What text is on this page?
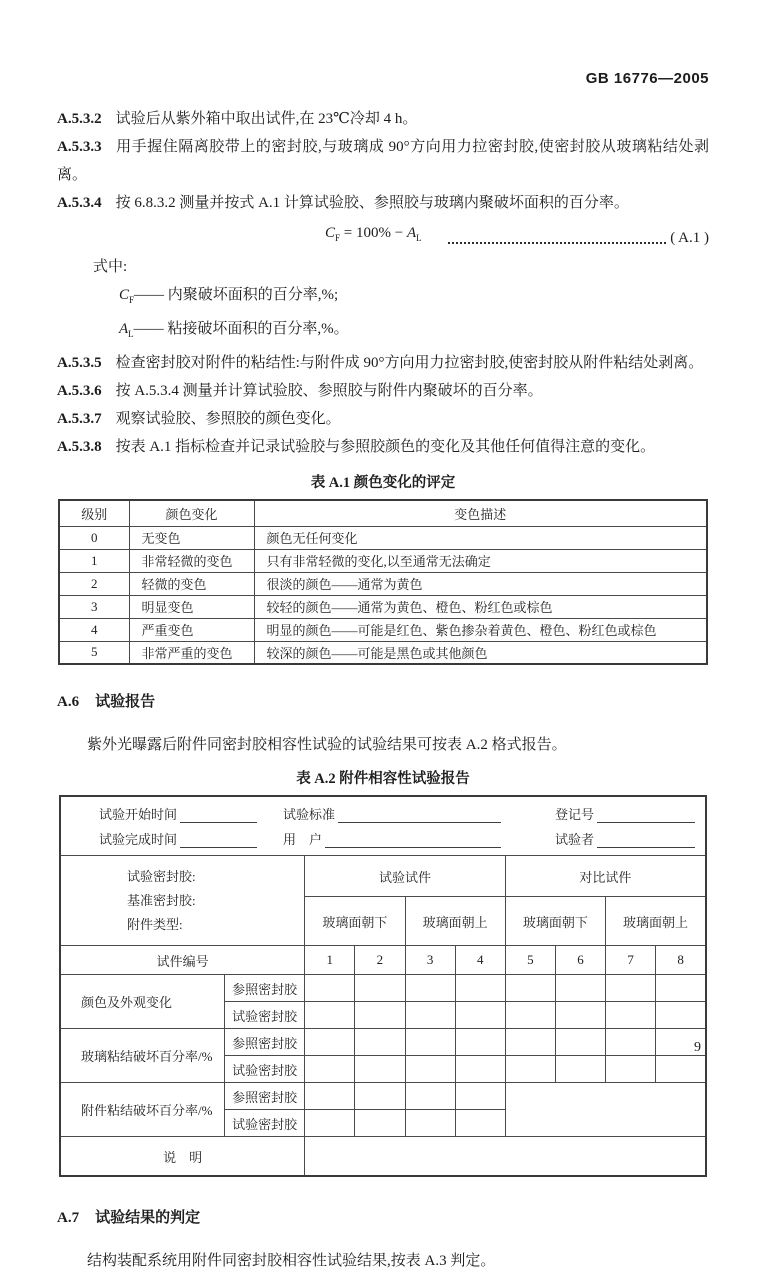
GB 16776—2005

A.5.3.2 试验后从紫外箱中取出试件,在 23℃冷却 4 h。

A.5.3.3 用手握住隔离胶带上的密封胶,与玻璃成 90°方向用力拉密封胶,使密封胶从玻璃粘结处剥离。

A.5.3.4 按 6.8.3.2 测量并按式 A.1 计算试验胶、参照胶与玻璃内聚破坏面积的百分率。

$C_F = 100\% - A_L$	( A.1 )

式中:

$C_F——$ 内聚破坏面积的百分率,%;

$A_L——$ 粘接破坏面积的百分率,%。

A.5.3.5 检查密封胶对附件的粘结性:与附件成 90°方向用力拉密封胶,使密封胶从附件粘结处剥离。

A.5.3.6 按 A.5.3.4 测量并计算试验胶、参照胶与附件内聚破坏的百分率。

A.5.3.7 观察试验胶、参照胶的颜色变化。

A.5.3.8 按表 A.1 指标检查并记录试验胶与参照胶颜色的变化及其他任何值得注意的变化。

表 A.1 颜色变化的评定
级别	颜色变化	变色描述
0	无变色	颜色无任何变化
1	非常轻微的变色	只有非常轻微的变化,以至通常无法确定
2	轻微的变色	很淡的颜色——通常为黄色
3	明显变色	较轻的颜色——通常为黄色、橙色、粉红色或棕色
4	严重变色	明显的颜色——可能是红色、紫色掺杂着黄色、橙色、粉红色或棕色
5	非常严重的变色	较深的颜色——可能是黑色或其他颜色

A.6 试验报告

紫外光曝露后附件同密封胶相容性试验的试验结果可按表 A.2 格式报告。

表 A.2 附件相容性试验报告
试验开始时间	试验标准	登记号
试验完成时间	用　户	试验者

试验密封胶:
基准密封胶:
附件类型:		试验试件				对比试件			
		玻璃面朝下		玻璃面朝上		玻璃面朝下		玻璃面朝上	
试件编号		1	2	3	4	5	6	7	8
颜色及外观变化	参照密封胶								
	试验密封胶								
玻璃粘结破坏百分率/%	参照密封胶								
	试验密封胶								
附件粘结破坏百分率/%	参照密封胶								
	试验密封胶								
说　明									

A.7 试验结果的判定

结构装配系统用附件同密封胶相容性试验结果,按表 A.3 判定。

9
